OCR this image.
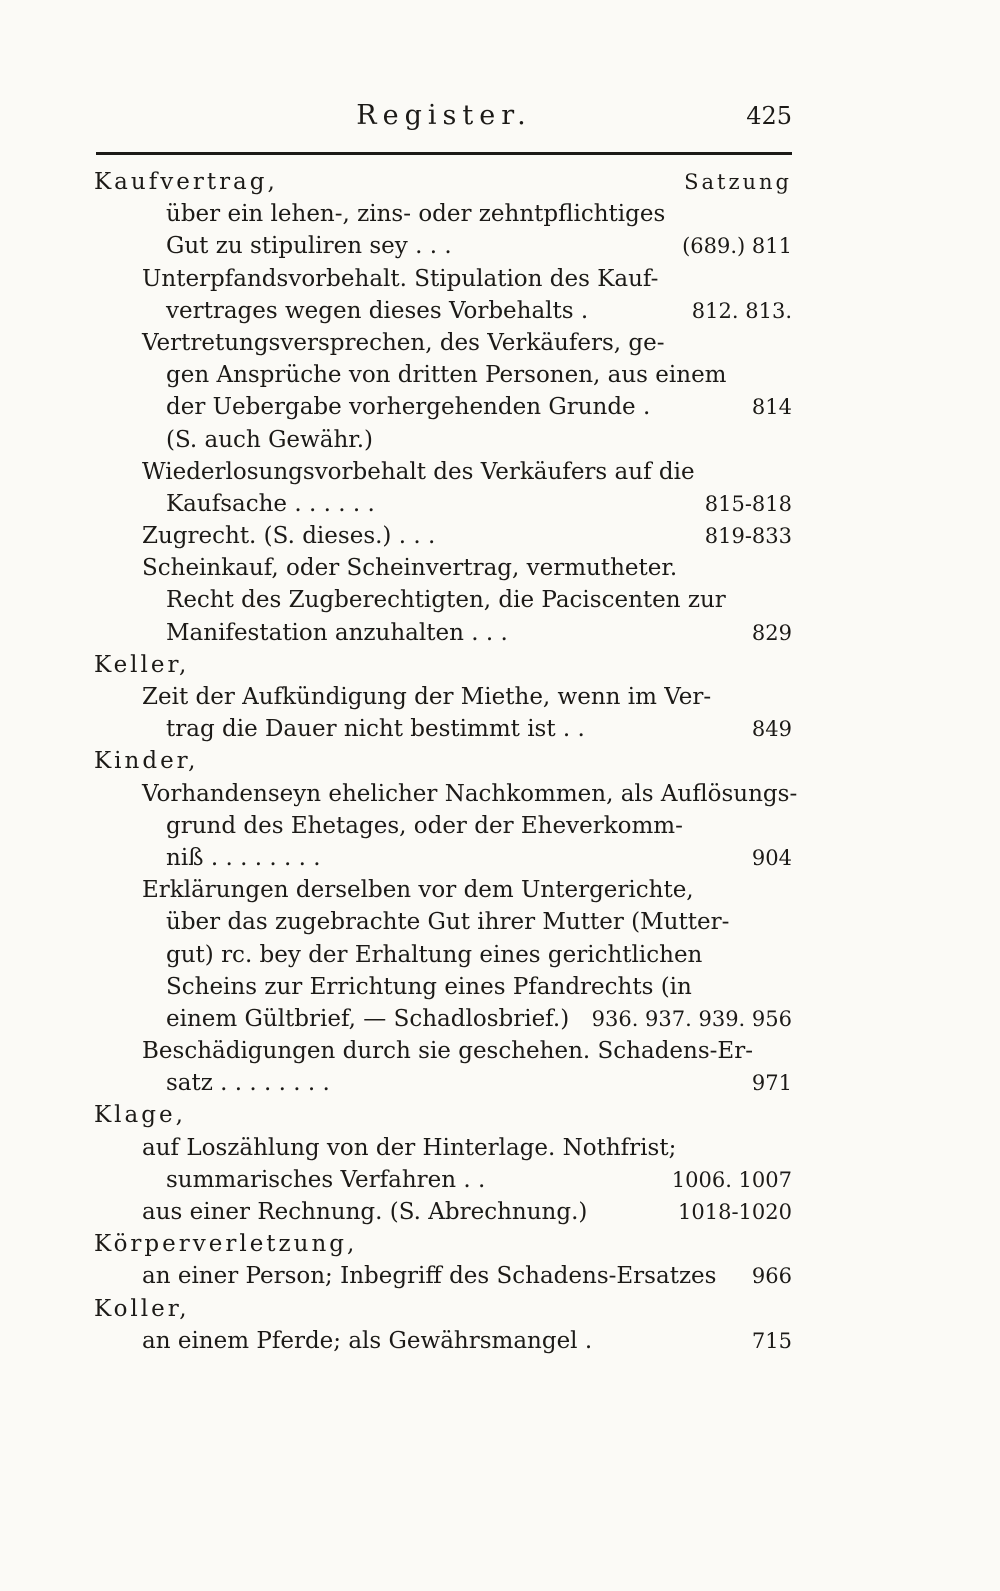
Register.	425
Kaufvertrag,	Satzung
über ein lehen-, zins- oder zehntpflichtiges
Gut zu stipuliren sey . . .	(689.) 811
Unterpfandsvorbehalt. Stipulation des Kauf-
vertrages wegen dieses Vorbehalts .	812. 813.
Vertretungsversprechen, des Verkäufers, ge-
gen Ansprüche von dritten Personen, aus einem
der Uebergabe vorhergehenden Grunde .	814
(S. auch Gewähr.)
Wiederlosungsvorbehalt des Verkäufers auf die
Kaufsache . . . . . .	815-818
Zugrecht. (S. dieses.) . . .	819-833
Scheinkauf, oder Scheinvertrag, vermutheter.
Recht des Zugberechtigten, die Paciscenten zur
Manifestation anzuhalten . . .	829
Keller,
Zeit der Aufkündigung der Miethe, wenn im Ver-
trag die Dauer nicht bestimmt ist . .	849
Kinder,
Vorhandenseyn ehelicher Nachkommen, als Auflösungs-
grund des Ehetages, oder der Eheverkomm-
niß . . . . . . . .	904
Erklärungen derselben vor dem Untergerichte,
über das zugebrachte Gut ihrer Mutter (Mutter-
gut) rc. bey der Erhaltung eines gerichtlichen
Scheins zur Errichtung eines Pfandrechts (in
einem Gültbrief, — Schadlosbrief.) 936. 937. 939. 956
Beschädigungen durch sie geschehen. Schadens-Er-
satz . . . . . . . .	971
Klage,
auf Loszählung von der Hinterlage. Nothfrist;
summarisches Verfahren . .	1006. 1007
aus einer Rechnung. (S. Abrechnung.)	1018-1020
Körperverletzung,
an einer Person; Inbegriff des Schadens-Ersatzes 966
Koller,
an einem Pferde; als Gewährsmangel .	715
